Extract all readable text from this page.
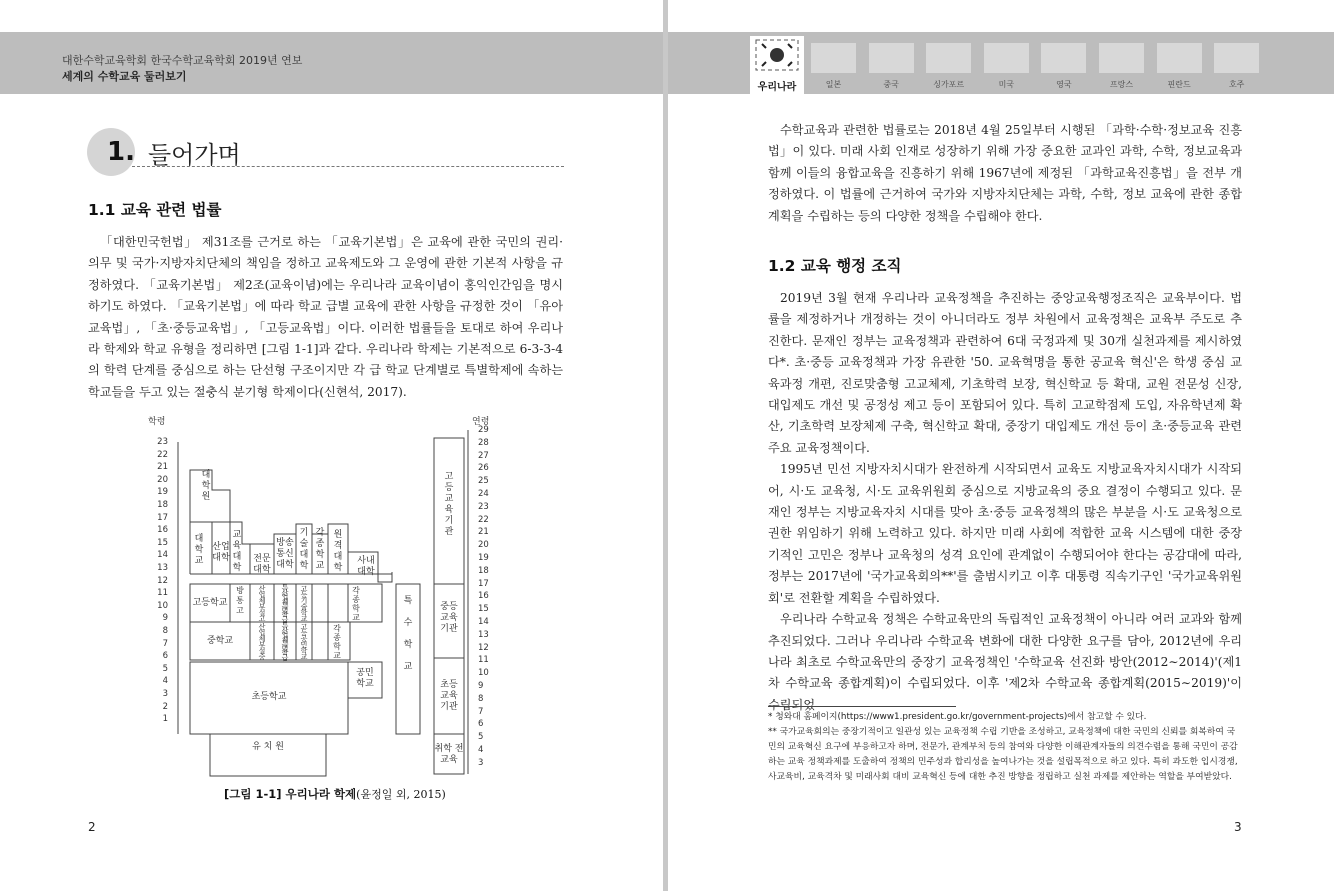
대한수학교육학회 한국수학교육학회 2019년 연보
세계의 수학교육 둘러보기
1. 들어가며
1.1 교육 관련 법률

「대한민국헌법」 제31조를 근거로 하는 「교육기본법」은 교육에 관한 국민의 권리·의무 및 국가·지방자치단체의 책임을 정하고 교육제도와 그 운영에 관한 기본적 사항을 규정하였다. 「교육기본법」 제2조(교육이념)에는 우리나라 교육이념이 홍익인간임을 명시하기도 하였다. 「교육기본법」에 따라 학교 급별 교육에 관한 사항을 규정한 것이 「유아교육법」, 「초·중등교육법」, 「고등교육법」이다. 이러한 법률들을 토대로 하여 우리나라 학제와 학교 유형을 정리하면 [그림 1-1]과 같다. 우리나라 학제는 기본적으로 6-3-3-4의 학력 단계를 중심으로 하는 단선형 구조이지만 각 급 학교 단계별로 특별학제에 속하는 학교들을 두고 있는 절충식 분기형 학제이다(신현석, 2017).

학령	연령
23
22
21
20
19
18
17
16
15
14
13
12
11
10
9
8
7
6
5
4
3
2
1
29
28
27
26
25
24
23
22
21
20
19
18
17
16
15
14
13
12
11
10
9
8
7
6
5
4
3
대 학 원
대
학
교
산업
대학
교
육
대
학
전문
대학
방송
통신
대학
기
술
대
학
각
종
학
교
원
격
대
학
사내
대학
고등학교
방
통
고
산
업
체
부
설
고
특
산
업
체
특
별
학
급
고
등
기
술
학
교
각
종
학
교
중학교
산
업
체
부
설
중
특
산
업
체
특
별
학
급
고
등
공
민
학
교
각
종
학
교
공민
학교
초등학교
유 치 원
특

수

학

교
고
등
교
육
기
관
중등
교육
기관
초등
교육
기관
취학 전
교육
[그림 1-1] 우리나라 학제(윤정일 외, 2015)
2
우리나라	일본	중국	싱가포르	미국	영국	프랑스	핀란드	호주

수학교육과 관련한 법률로는 2018년 4월 25일부터 시행된 「과학·수학·정보교육 진흥법」이 있다. 미래 사회 인재로 성장하기 위해 가장 중요한 교과인 과학, 수학, 정보교육과 함께 이들의 융합교육을 진흥하기 위해 1967년에 제정된 「과학교육진흥법」을 전부 개정하였다. 이 법률에 근거하여 국가와 지방자치단체는 과학, 수학, 정보 교육에 관한 종합계획을 수립하는 등의 다양한 정책을 수립해야 한다.

1.2 교육 행정 조직

2019년 3월 현재 우리나라 교육정책을 추진하는 중앙교육행정조직은 교육부이다. 법률을 제정하거나 개정하는 것이 아니더라도 정부 차원에서 교육정책은 교육부 주도로 추진한다. 문재인 정부는 교육정책과 관련하여 6대 국정과제 및 30개 실천과제를 제시하였다*. 초·중등 교육정책과 가장 유관한 '50. 교육혁명을 통한 공교육 혁신'은 학생 중심 교육과정 개편, 진로맞춤형 고교체제, 기초학력 보장, 혁신학교 등 확대, 교원 전문성 신장, 대입제도 개선 및 공정성 제고 등이 포함되어 있다. 특히 고교학점제 도입, 자유학년제 확산, 기초학력 보장체제 구축, 혁신학교 확대, 중장기 대입제도 개선 등이 초·중등교육 관련 주요 교육정책이다.

1995년 민선 지방자치시대가 완전하게 시작되면서 교육도 지방교육자치시대가 시작되어, 시·도 교육청, 시·도 교육위원회 중심으로 지방교육의 중요 결정이 수행되고 있다. 문재인 정부는 지방교육자치 시대를 맞아 초·중등 교육정책의 많은 부분을 시·도 교육청으로 권한 위임하기 위해 노력하고 있다. 하지만 미래 사회에 적합한 교육 시스템에 대한 중장기적인 고민은 정부나 교육청의 성격 요인에 관계없이 수행되어야 한다는 공감대에 따라, 정부는 2017년에 '국가교육회의**'를 출범시키고 이후 대통령 직속기구인 '국가교육위원회'로 전환할 계획을 수립하였다.

우리나라 수학교육 정책은 수학교육만의 독립적인 교육정책이 아니라 여러 교과와 함께 추진되었다. 그러나 우리나라 수학교육 변화에 대한 다양한 요구를 담아, 2012년에 우리나라 최초로 수학교육만의 중장기 교육정책인 '수학교육 선진화 방안(2012∼2014)'(제1차 수학교육 종합계획)이 수립되었다. 이후 '제2차 수학교육 종합계획(2015∼2019)'이 수립되었

* 청와대 홈페이지(https://www1.president.go.kr/government-projects)에서 참고할 수 있다.
** 국가교육회의는 중장기적이고 일관성 있는 교육정책 수립 기반을 조성하고, 교육정책에 대한 국민의 신뢰를 회복하여 국민의 교육혁신 요구에 부응하고자 하며, 전문가, 관계부처 등의 참여와 다양한 이해관계자들의 의견수렴을 통해 국민이 공감하는 교육 정책과제를 도출하여 정책의 민주성과 합리성을 높여나가는 것을 설립목적으로 하고 있다. 특히 과도한 입시경쟁, 사교육비, 교육격차 및 미래사회 대비 교육혁신 등에 대한 추진 방향을 정립하고 실천 과제를 제안하는 역할을 부여받았다.
3
